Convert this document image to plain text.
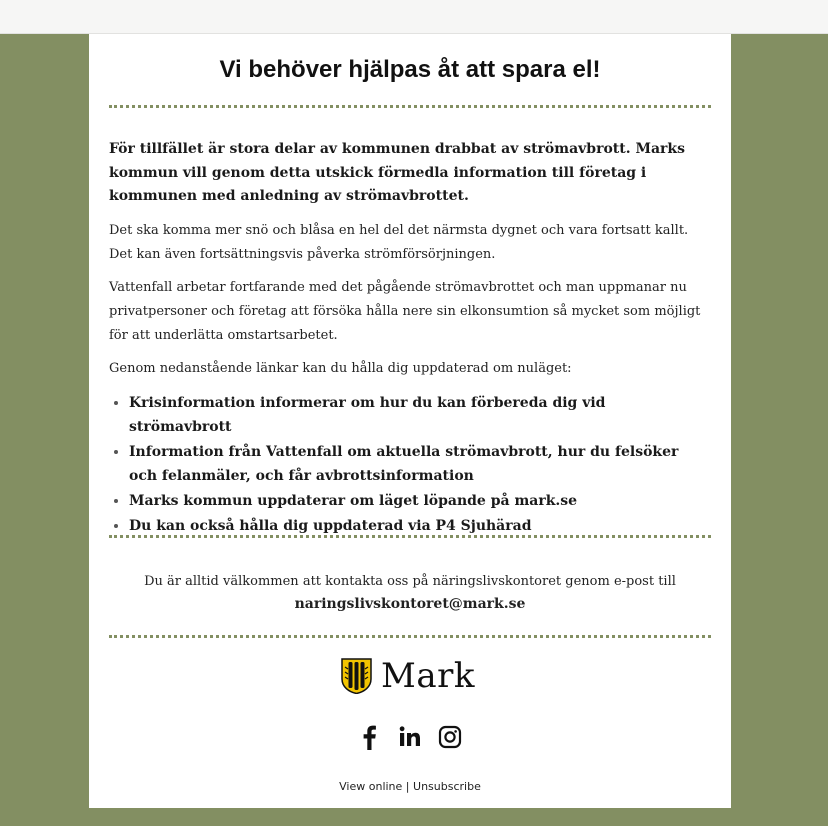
Vi behöver hjälpas åt att spara el!
För tillfället är stora delar av kommunen drabbat av strömavbrott. Marks kommun vill genom detta utskick förmedla information till företag i kommunen med anledning av strömavbrottet.

Det ska komma mer snö och blåsa en hel del det närmsta dygnet och vara fortsatt kallt. Det kan även fortsättningsvis påverka strömförsörjningen.

Vattenfall arbetar fortfarande med det pågående strömavbrottet och man uppmanar nu privatpersoner och företag att försöka hålla nere sin elkonsumtion så mycket som möjligt för att underlätta omstartsarbetet.

Genom nedanstående länkar kan du hålla dig uppdaterad om nuläget:

• Krisinformation informerar om hur du kan förbereda dig vid strömavbrott
• Information från Vattenfall om aktuella strömavbrott, hur du felsöker och felanmäler, och får avbrottsinformation
• Marks kommun uppdaterar om läget löpande på mark.se
• Du kan också hålla dig uppdaterad via P4 Sjuhärad
Du är alltid välkommen att kontakta oss på näringslivskontoret genom e-post till
naringslivskontoret@mark.se
Mark
View online | Unsubscribe
